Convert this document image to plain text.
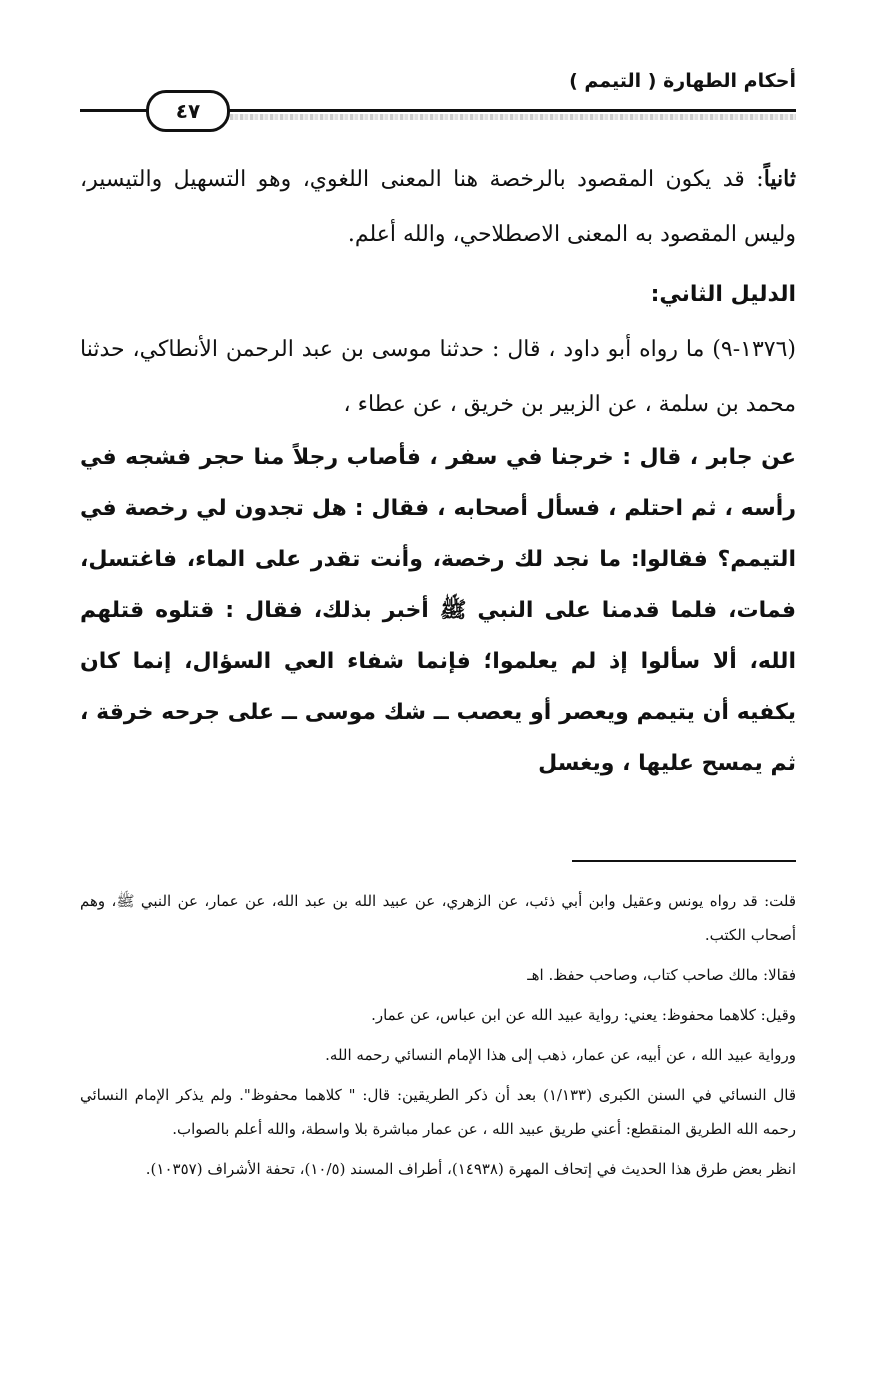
أحكام الطهارة ( التيمم )
٤٧

ثانياً: قد يكون المقصود بالرخصة هنا المعنى اللغوي، وهو التسهيل والتيسير، وليس المقصود به المعنى الاصطلاحي، والله أعلم.

الدليل الثاني:

(١٣٧٦-٩) ما رواه أبو داود ، قال : حدثنا موسى بن عبد الرحمن الأنطاكي، حدثنا محمد بن سلمة ، عن الزبير بن خريق ، عن عطاء ،

عن جابر ، قال : خرجنا في سفر ، فأصاب رجلاً منا حجر فشجه في رأسه ، ثم احتلم ، فسأل أصحابه ، فقال : هل تجدون لي رخصة في التيمم؟ فقالوا: ما نجد لك رخصة، وأنت تقدر على الماء، فاغتسل، فمات، فلما قدمنا على النبي ﷺ أخبر بذلك، فقال : قتلوه قتلهم الله، ألا سألوا إذ لم يعلموا؛ فإنما شفاء العي السؤال، إنما كان يكفيه أن يتيمم ويعصر أو يعصب ــ شك موسى ــ على جرحه خرقة ، ثم يمسح عليها ، ويغسل

قلت: قد رواه يونس وعقيل وابن أبي ذئب، عن الزهري، عن عبيد الله بن عبد الله، عن عمار، عن النبي ﷺ، وهم أصحاب الكتب.

فقالا: مالك صاحب كتاب، وصاحب حفظ. اهـ

وقيل: كلاهما محفوظ: يعني: رواية عبيد الله عن ابن عباس، عن عمار.

ورواية عبيد الله ، عن أبيه، عن عمار، ذهب إلى هذا الإمام النسائي رحمه الله.

قال النسائي في السنن الكبرى (١/١٣٣) بعد أن ذكر الطريقين: قال: " كلاهما محفوظ". ولم يذكر الإمام النسائي رحمه الله الطريق المنقطع: أعني طريق عبيد الله ، عن عمار مباشرة بلا واسطة، والله أعلم بالصواب.

انظر بعض طرق هذا الحديث في إتحاف المهرة (١٤٩٣٨)، أطراف المسند (١٠/٥)، تحفة الأشراف (١٠٣٥٧).
